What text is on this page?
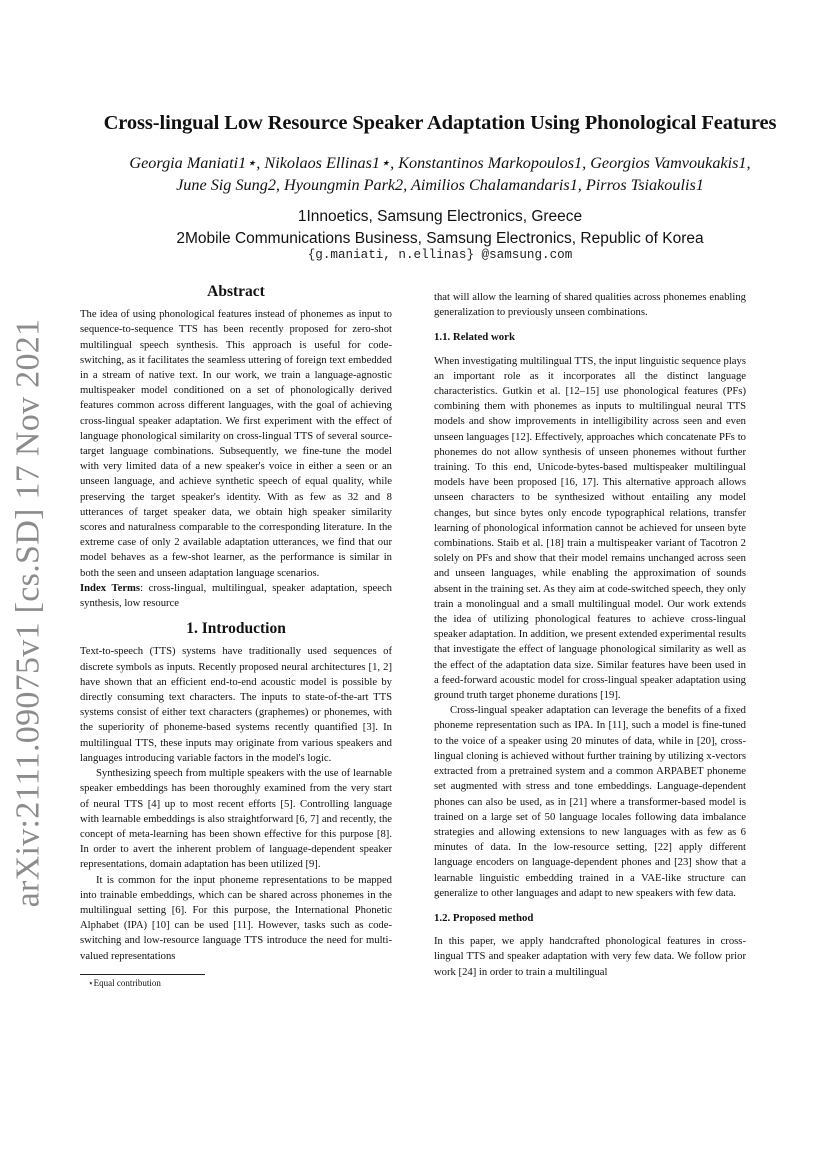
arXiv:2111.09075v1 [cs.SD] 17 Nov 2021
Cross-lingual Low Resource Speaker Adaptation Using Phonological Features
Georgia Maniati1⋆, Nikolaos Ellinas1⋆, Konstantinos Markopoulos1, Georgios Vamvoukakis1,
June Sig Sung2, Hyoungmin Park2, Aimilios Chalamandaris1, Pirros Tsiakoulis1
1Innoetics, Samsung Electronics, Greece
2Mobile Communications Business, Samsung Electronics, Republic of Korea
{g.maniati, n.ellinas} @samsung.com
Abstract

The idea of using phonological features instead of phonemes as input to sequence-to-sequence TTS has been recently proposed for zero-shot multilingual speech synthesis. This approach is useful for code-switching, as it facilitates the seamless uttering of foreign text embedded in a stream of native text. In our work, we train a language-agnostic multispeaker model conditioned on a set of phonologically derived features common across different languages, with the goal of achieving cross-lingual speaker adaptation. We first experiment with the effect of language phonological similarity on cross-lingual TTS of several source-target language combinations. Subsequently, we fine-tune the model with very limited data of a new speaker's voice in either a seen or an unseen language, and achieve synthetic speech of equal quality, while preserving the target speaker's identity. With as few as 32 and 8 utterances of target speaker data, we obtain high speaker similarity scores and naturalness comparable to the corresponding literature. In the extreme case of only 2 available adaptation utterances, we find that our model behaves as a few-shot learner, as the performance is similar in both the seen and unseen adaptation language scenarios.

Index Terms: cross-lingual, multilingual, speaker adaptation, speech synthesis, low resource

1. Introduction

Text-to-speech (TTS) systems have traditionally used sequences of discrete symbols as inputs. Recently proposed neural architectures [1, 2] have shown that an efficient end-to-end acoustic model is possible by directly consuming text characters. The inputs to state-of-the-art TTS systems consist of either text characters (graphemes) or phonemes, with the superiority of phoneme-based systems recently quantified [3]. In multilingual TTS, these inputs may originate from various speakers and languages introducing variable factors in the model's logic.

Synthesizing speech from multiple speakers with the use of learnable speaker embeddings has been thoroughly examined from the very start of neural TTS [4] up to most recent efforts [5]. Controlling language with learnable embeddings is also straightforward [6, 7] and recently, the concept of meta-learning has been shown effective for this purpose [8]. In order to avert the inherent problem of language-dependent speaker representations, domain adaptation has been utilized [9].

It is common for the input phoneme representations to be mapped into trainable embeddings, which can be shared across phonemes in the multilingual setting [6]. For this purpose, the International Phonetic Alphabet (IPA) [10] can be used [11]. However, tasks such as code-switching and low-resource language TTS introduce the need for multi-valued representations

⋆Equal contribution

that will allow the learning of shared qualities across phonemes enabling generalization to previously unseen combinations.

1.1. Related work

When investigating multilingual TTS, the input linguistic sequence plays an important role as it incorporates all the distinct language characteristics. Gutkin et al. [12–15] use phonological features (PFs) combining them with phonemes as inputs to multilingual neural TTS models and show improvements in intelligibility across seen and even unseen languages [12]. Effectively, approaches which concatenate PFs to phonemes do not allow synthesis of unseen phonemes without further training. To this end, Unicode-bytes-based multispeaker multilingual models have been proposed [16, 17]. This alternative approach allows unseen characters to be synthesized without entailing any model changes, but since bytes only encode typographical relations, transfer learning of phonological information cannot be achieved for unseen byte combinations. Staib et al. [18] train a multispeaker variant of Tacotron 2 solely on PFs and show that their model remains unchanged across seen and unseen languages, while enabling the approximation of sounds absent in the training set. As they aim at code-switched speech, they only train a monolingual and a small multilingual model. Our work extends the idea of utilizing phonological features to achieve cross-lingual speaker adaptation. In addition, we present extended experimental results that investigate the effect of language phonological similarity as well as the effect of the adaptation data size. Similar features have been used in a feed-forward acoustic model for cross-lingual speaker adaptation using ground truth target phoneme durations [19].

Cross-lingual speaker adaptation can leverage the benefits of a fixed phoneme representation such as IPA. In [11], such a model is fine-tuned to the voice of a speaker using 20 minutes of data, while in [20], cross-lingual cloning is achieved without further training by utilizing x-vectors extracted from a pretrained system and a common ARPABET phoneme set augmented with stress and tone embeddings. Language-dependent phones can also be used, as in [21] where a transformer-based model is trained on a large set of 50 language locales following data imbalance strategies and allowing extensions to new languages with as few as 6 minutes of data. In the low-resource setting, [22] apply different language encoders on language-dependent phones and [23] show that a learnable linguistic embedding trained in a VAE-like structure can generalize to other languages and adapt to new speakers with few data.

1.2. Proposed method

In this paper, we apply handcrafted phonological features in cross-lingual TTS and speaker adaptation with very few data. We follow prior work [24] in order to train a multilingual
